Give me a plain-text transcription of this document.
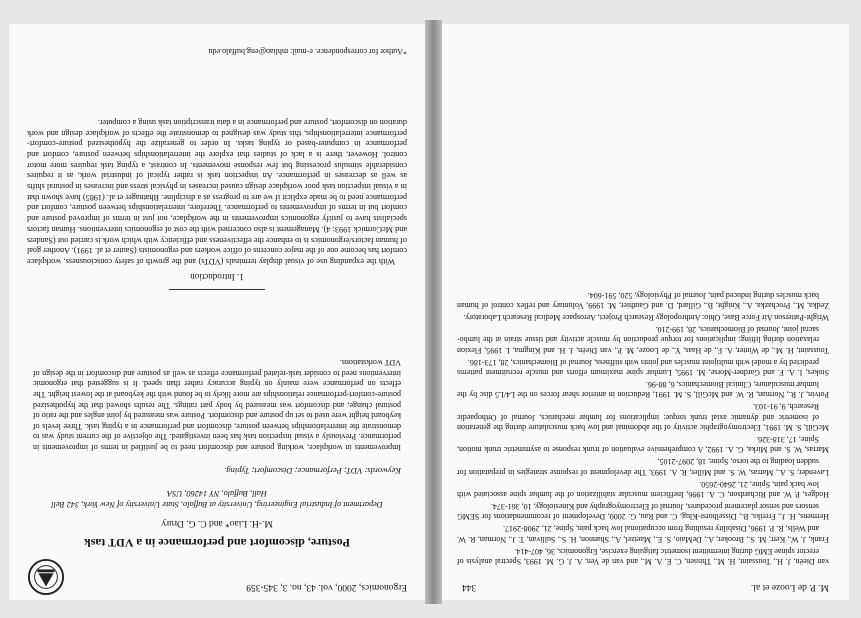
M. P. de Looze et al.
344

van Dieën, J. H., Toussaint, H. M., Thissen, C. E. A. M., and van de Ven, A. J. G. M. 1993, Spectral analysis of erector spinae EMG during intermittent isometric fatiguing exercise, Ergonomics, 36, 407-414.

Frank, J. W., Kerr, M. S., Brooker, A., DeMaio, S. E., Maetzel, A., Shannon, H. S., Sullivan, T. J., Norman, R. W. and Wells, R. P. 1996, Disability resulting from occupational low back pain, Spine, 21, 2908-2917.

Hermens, H. J., Freriks, B., Disselhorst-Klug, C. and Rau, G. 2000, Development of recommendations for SEMG sensors and sensor placement procedures, Journal of Electromyography and Kinesiology, 10, 361-374.

Hodges, P. W. and Richardson, C. A. 1996, Inefficient muscular stabilization of the lumbar spine associated with low back pain, Spine, 21, 2640-2650.

Lavender, S. A., Marras, W. S. and Miller, R. A. 1993, The development of response strategies in preparation for sudden loading to the torso, Spine, 18, 2097-2105.

Marras, W. S. and Mirka, G. A. 1992, A comprehensive evaluation of trunk response to asymmetric trunk motion, Spine, 17, 318-326.

McGill, S. M. 1991, Electromyographic activity of the abdominal and low back musculature during the generation of isometric and dynamic axial trunk torque: implications for lumbar mechanics, Journal of Orthopaedic Research, 9, 91-103.

Potvin, J. R., Norman, R. W. and McGill, S. M. 1991, Reduction in anterior shear forces on the L4/L5 disc by the lumbar musculature, Clinical Biomechanics, 6, 88-96.

Stokes, I. A. F. and Gardner-Morse, M. 1995, Lumbar spine maximum efforts and muscle recruitment patterns predicted by a model with multijoint muscles and joints with stiffness, Journal of Biomechanics, 28, 173-186.

Toussaint, H. M., de Winter, A. F., de Haas, Y., de Looze, M. P., van Dieën, J. H. and Kingma, I. 1995, Flexion relaxation during lifting: implications for torque production by muscle activity and tissue strain at the lumbo-sacral joint, Journal of Biomechanics, 28, 199-210.

Wright-Patterson Air Force Base, Ohio: Anthropology Research Project, Aerospace Medical Research Laboratory.

Zedka, M., Prochazka, A., Knight, B., Gillard, D. and Gauthier, M. 1999, Voluntary and reflex control of human back muscles during induced pain, Journal of Physiology, 520, 591-604.

Ergonomics, 2000, vol. 43, no. 3, 345-359
Posture, discomfort and performance in a VDT task
M.-H. Liao* and C. G. Drury
Department of Industrial Engineering, University at Buffalo, State University of New York, 342 Bell Hall, Buffalo, NY 14260, USA
Keywords: VDT; Performance; Discomfort; Typing.
Improvements in workplace, working posture and discomfort need to be justified in terms of improvements in performance. Previously a visual inspection task has been investigated. The objective of the current study was to demonstrate the interrelationships between posture, discomfort and performance in a typing task. Three levels of keyboard height were used to set up posture and discomfort. Posture was measured by joint angles and the ratio of postural change, and discomfort was measured by body part ratings. The results showed that the hypothesized posture-comfort-performance relationships are more likely to be found with the keyboard at the lowest height. The effects on performance were mainly on typing accuracy rather than speed. It is suggested that ergonomic interventions need to consider task-related performance effects as well as posture and discomfort in the design of VDT workstations.
1. Introduction

With the expanding use of visual display terminals (VDTs) and the growth of safety consciousness, workplace comfort has become one of the major concerns of office workers and ergonomists (Sauter et al. 1991). Another goal of human factors/ergonomics is to enhance the effectiveness and efficiency with which work is carried out (Sanders and McCormick 1993: 4). Management is also concerned with the cost of ergonomics interventions. Human factors specialists have to justify ergonomics improvements in the workplace, not just in terms of improved posture and comfort but in terms of improvements to performance. Therefore, interrelationships between posture, comfort and performance need to be made explicit if we are to progress as a discipline. Bhatnager et al. (1985) have shown that in a visual inspection task poor workplace design caused increases in physical stress and increases in postural shifts as well as decreases in performance. An inspection task is rather typical of industrial work, as it requires considerable stimulus processing but few response movements. In contrast, a typing task requires more motor control. However, there is a lack of studies that explore the interrelationships between posture, comfort and performance in computer-based or typing tasks. In order to generalize the hypothesized posture-comfort-performance interrelationships, this study was designed to demonstrate the effects of workplace design and work duration on discomfort, posture and performance in a data transcription task using a computer.

*Author for correspondence. e-mail: mhliao@eng.buffalo.edu
